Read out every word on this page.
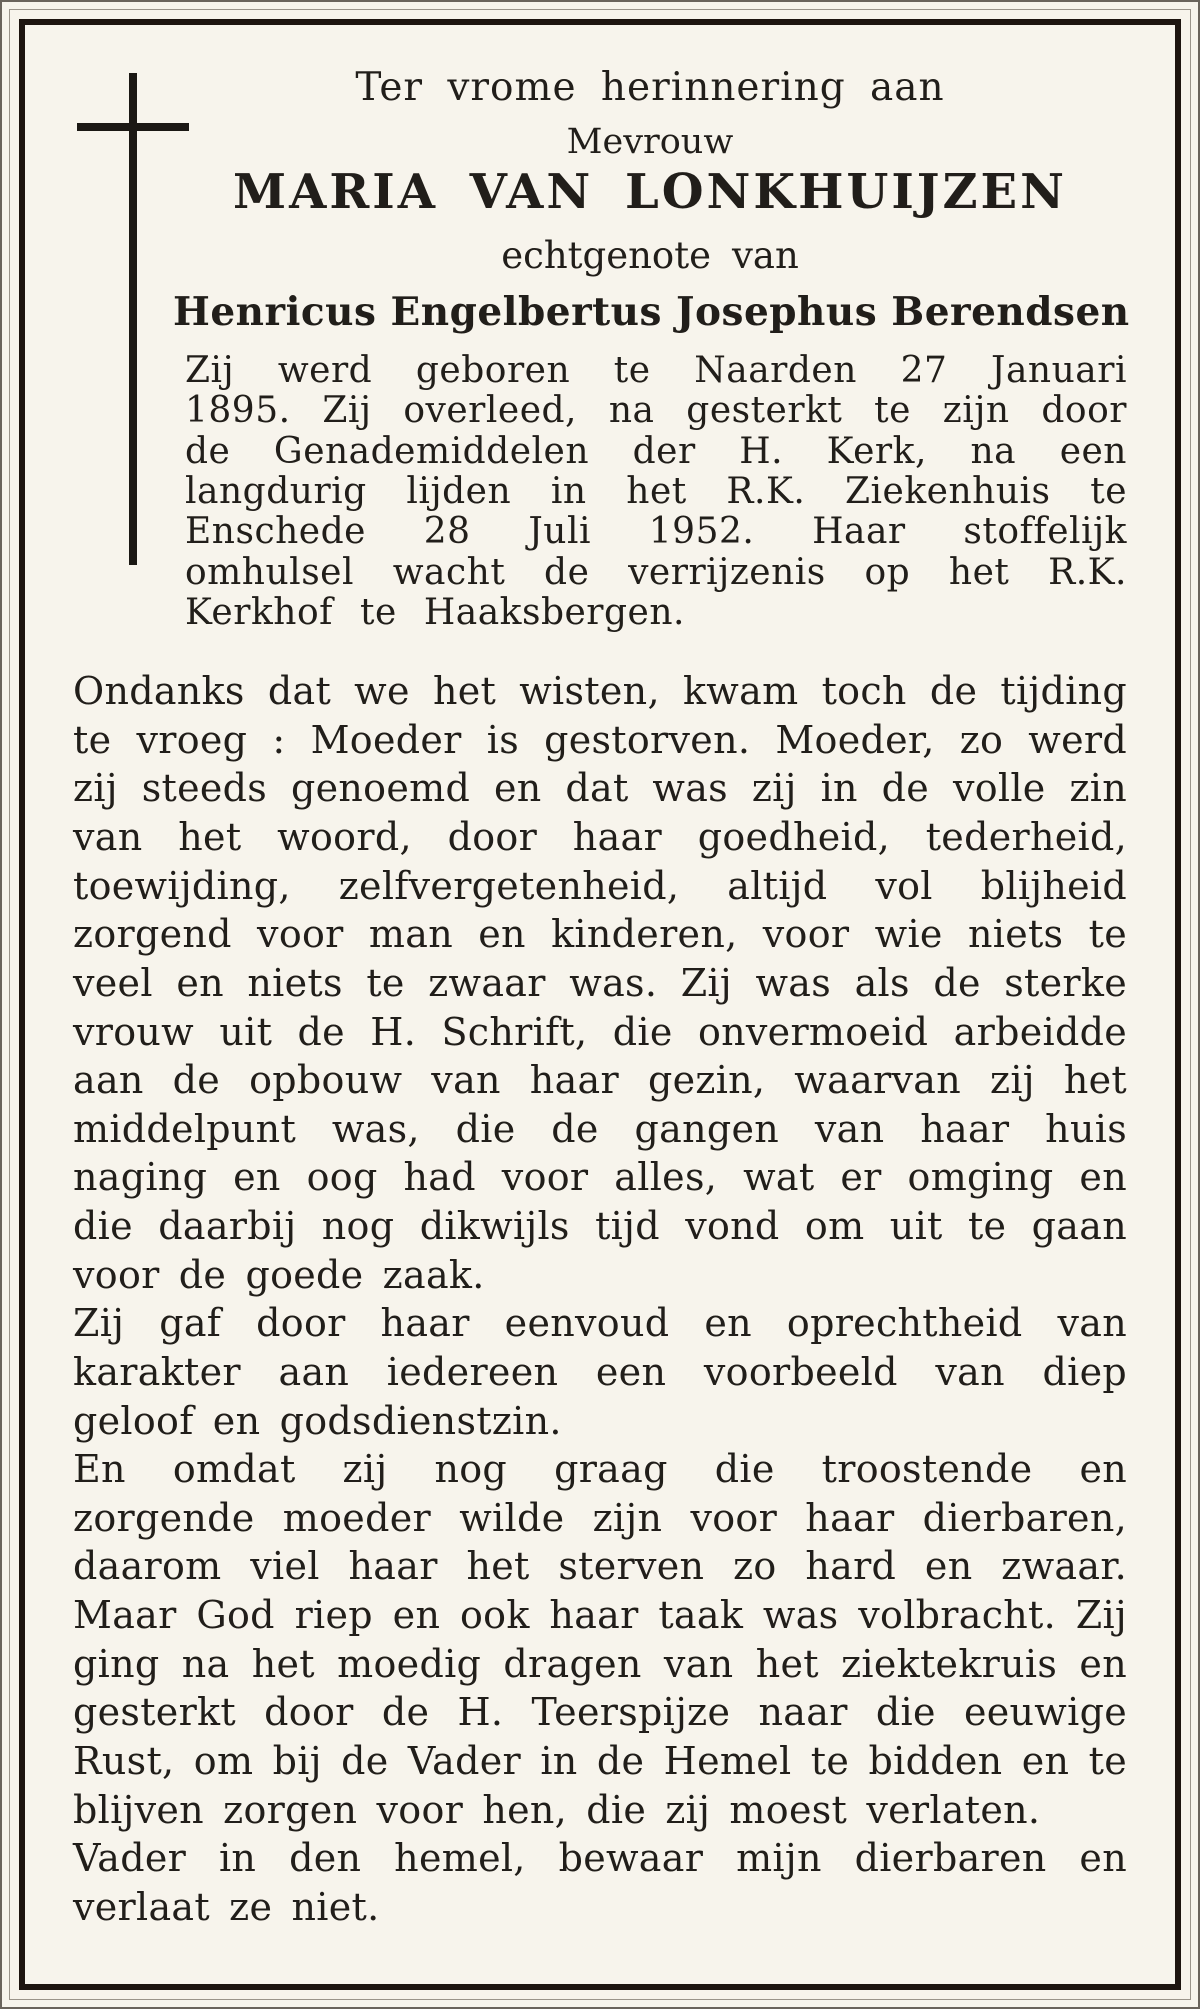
Ter vrome herinnering aan
Mevrouw
MARIA VAN LONKHUIJZEN
echtgenote van
Henricus Engelbertus Josephus Berendsen

Zij werd geboren te Naarden 27 Januari 1895. Zij overleed, na gesterkt te zijn door de Genademiddelen der H. Kerk, na een langdurig lijden in het R.K. Ziekenhuis te Enschede 28 Juli 1952. Haar stoffelijk omhulsel wacht de verrijzenis op het R.K. Kerkhof te Haaksbergen.

Ondanks dat we het wisten, kwam toch de tijding te vroeg : Moeder is gestorven. Moeder, zo werd zij steeds genoemd en dat was zij in de volle zin van het woord, door haar goedheid, tederheid, toewijding, zelfvergetenheid, altijd vol blijheid zorgend voor man en kinderen, voor wie niets te veel en niets te zwaar was. Zij was als de sterke vrouw uit de H. Schrift, die onvermoeid arbeidde aan de opbouw van haar gezin, waarvan zij het middelpunt was, die de gangen van haar huis naging en oog had voor alles, wat er omging en die daarbij nog dikwijls tijd vond om uit te gaan voor de goede zaak.

Zij gaf door haar eenvoud en oprechtheid van karakter aan iedereen een voorbeeld van diep geloof en godsdienstzin.

En omdat zij nog graag die troostende en zorgende moeder wilde zijn voor haar dierbaren, daarom viel haar het sterven zo hard en zwaar. Maar God riep en ook haar taak was volbracht. Zij ging na het moedig dragen van het ziektekruis en gesterkt door de H. Teerspijze naar die eeuwige Rust, om bij de Vader in de Hemel te bidden en te blijven zorgen voor hen, die zij moest verlaten.

Vader in den hemel, bewaar mijn dierbaren en verlaat ze niet.
